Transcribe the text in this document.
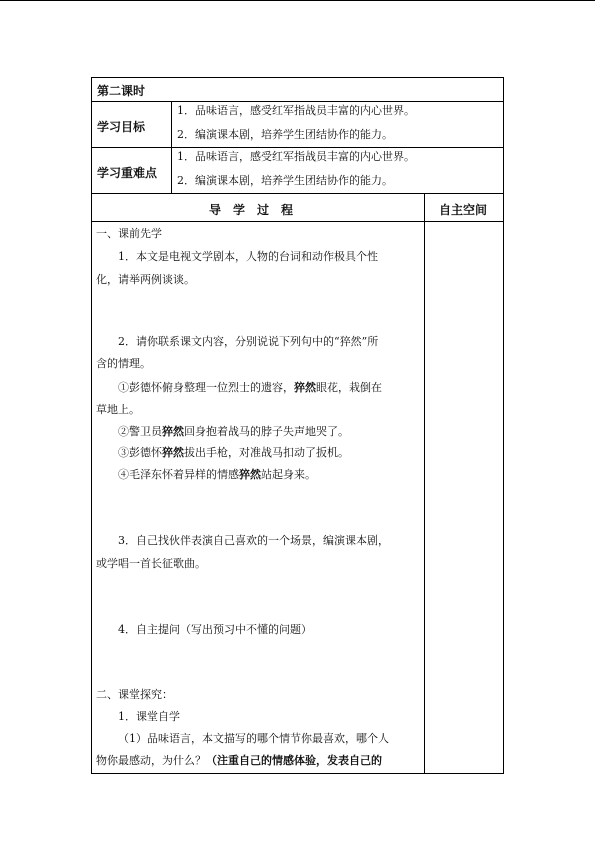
第二课时
学习目标
1．品味语言，感受红军指战员丰富的内心世界。
2．编演课本剧，培养学生团结协作的能力。
学习重难点
1．品味语言，感受红军指战员丰富的内心世界。
2．编演课本剧，培养学生团结协作的能力。
导　学　过　程	自主空间
一、课前先学
1．本文是电视文学剧本，人物的台词和动作极具个性
化，请举两例谈谈。
2．请你联系课文内容，分别说说下列句中的“猝然”所
含的情理。
①彭德怀俯身整理一位烈士的遗容，猝然眼花，栽倒在
草地上。
②警卫员猝然回身抱着战马的脖子失声地哭了。
③彭德怀猝然拔出手枪，对准战马扣动了扳机。
④毛泽东怀着异样的情感猝然站起身来。
3．自己找伙伴表演自己喜欢的一个场景，编演课本剧，
或学唱一首长征歌曲。
4．自主提问（写出预习中不懂的问题）
二、课堂探究：
1．课堂自学
（1）品味语言，本文描写的哪个情节你最喜欢，哪个人
物你最感动，为什么？（注重自己的情感体验，发表自己的
